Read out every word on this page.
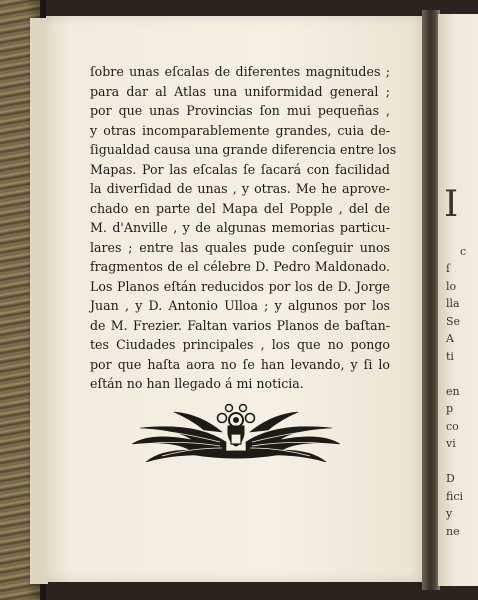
I

c
ſ
lo
lla
Se
A
ti

en
p
co
vi

D
fici
y
ne

ſobre unas eſcalas de diferentes magnitudes ;
para dar al Atlas una uniformidad general ;
por que unas Provincias ſon mui pequeñas ,
y otras incomparablemente grandes, cuia de-
ſigualdad causa una grande diferencia entre los
Mapas. Por las eſcalas ſe ſacará con facilidad
la diverſidad de unas , y otras. Me he aprove-
chado en parte del Mapa del Popple , del de
M. d'Anville , y de algunas memorias particu-
lares ; entre las quales pude conſeguir unos
fragmentos de el célebre D. Pedro Maldonado.
Los Planos eſtán reducidos por los de D. Jorge
Juan , y D. Antonio Ulloa ; y algunos por los
de M. Frezier. Faltan varios Planos de baſtan-
tes Ciudades principales , los que no pongo
por que haſta aora no ſe han levando, y ſi lo
eſtán no han llegado á mi noticia.
